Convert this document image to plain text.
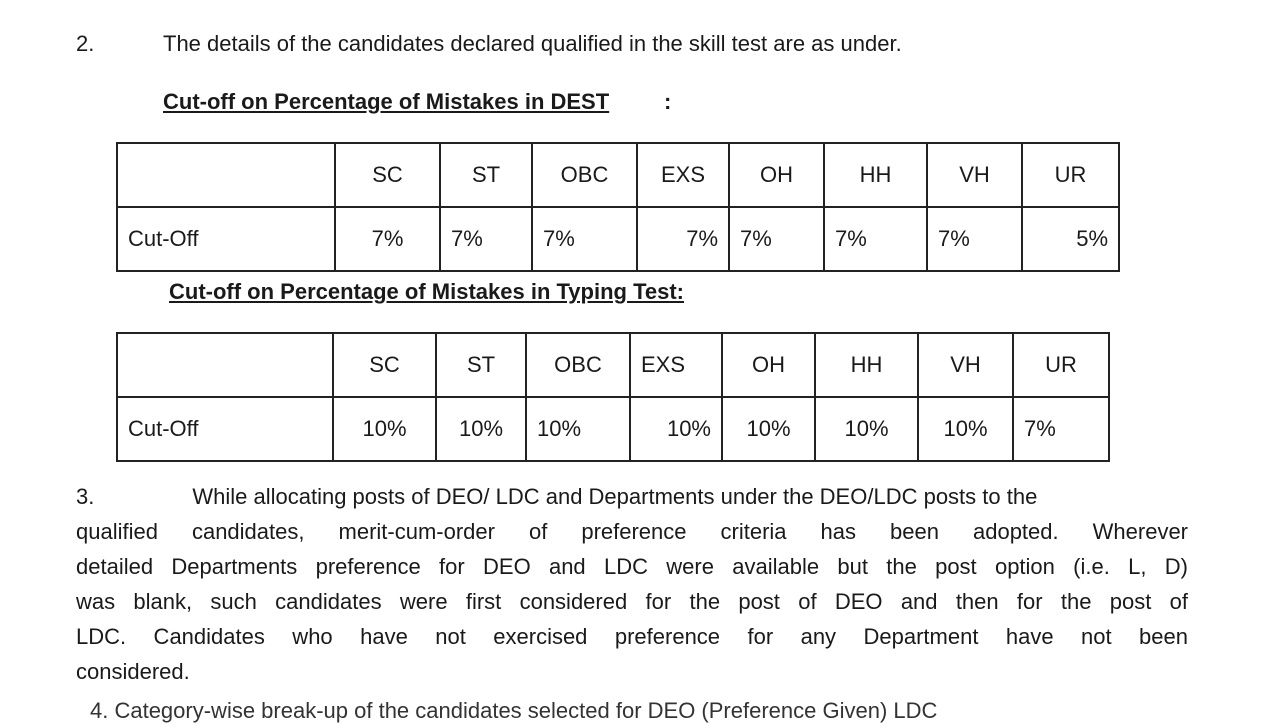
2.	The details of the candidates declared qualified in the skill test are as under.
Cut-off on Percentage of Mistakes in DEST :
	SC	ST	OBC	EXS	OH	HH	VH	UR
Cut-Off	7%	7%	7%	7%	7%	7%	7%	5%
Cut-off on Percentage of Mistakes in Typing Test:
	SC	ST	OBC	EXS	OH	HH	VH	UR
Cut-Off	10%	10%	10%	10%	10%	10%	10%	7%
3.	While allocating posts of DEO/ LDC and Departments under the DEO/LDC posts to the
qualified candidates, merit-cum-order of preference criteria has been adopted. Wherever
detailed Departments preference for DEO and LDC were available but the post option (i.e. L, D)
was blank, such candidates were first considered for the post of DEO and then for the post of
LDC. Candidates who have not exercised preference for any Department have not been
considered.
4. Category-wise break-up of the candidates selected for DEO (Preference Given) LDC
